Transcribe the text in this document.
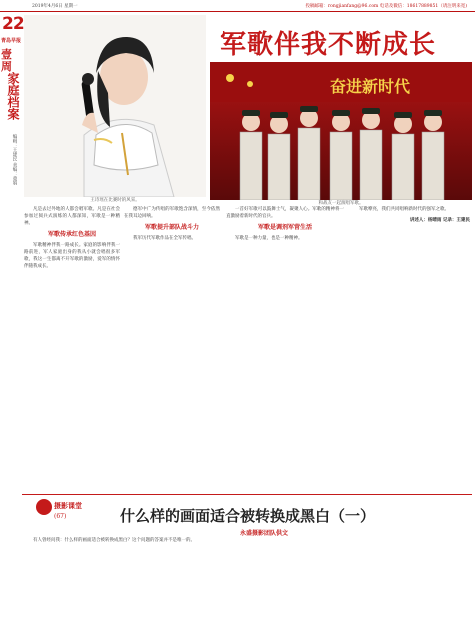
2019年4月6日 星期一	投稿邮箱：rongjianfang@96.com 电话及微信：18617889851（请注明来宽)
22
青岛早报
壹周
家庭档案
编辑：王建民 美编：童娟
王诗瑶在比赛时的风采。
军歌伴我不断成长
奋进新时代
和战友一起演唱军歌。

凡是去过外地的人都会唱军歌。凡是在社会参加过阅兵式演练的人都深知，军歌是一种精神。

军歌传承红色基因

军歌精神伴我一路成长。家庭的影响伴我一路前进，军人家庭出身的我从小就会唱很多军歌，我这一生都离不开军歌的激励，爱军的情怀伴随我成长。

德军中广为传唱的军歌饱含深情，至今依然在我耳边回响。

军歌提升部队战斗力

我军历代军歌作品在全军传唱。

一首好军歌可以鼓舞士气，凝聚人心。军歌的精神将一直激励着新时代的官兵。

军歌是调剂军营生活

军歌是一种力量，也是一种精神。

军歌嘹亮，我们共同唱响新时代的强军之歌。

讲述人：杨晴雨 记录：王建民

摄影课堂
(67)	什么样的画面适合被转换成黑白（一）
永盛摄影团队供文

有人曾经问我：什么样的画面适合被转换成黑白？这个问题的答案并不是唯一的。
